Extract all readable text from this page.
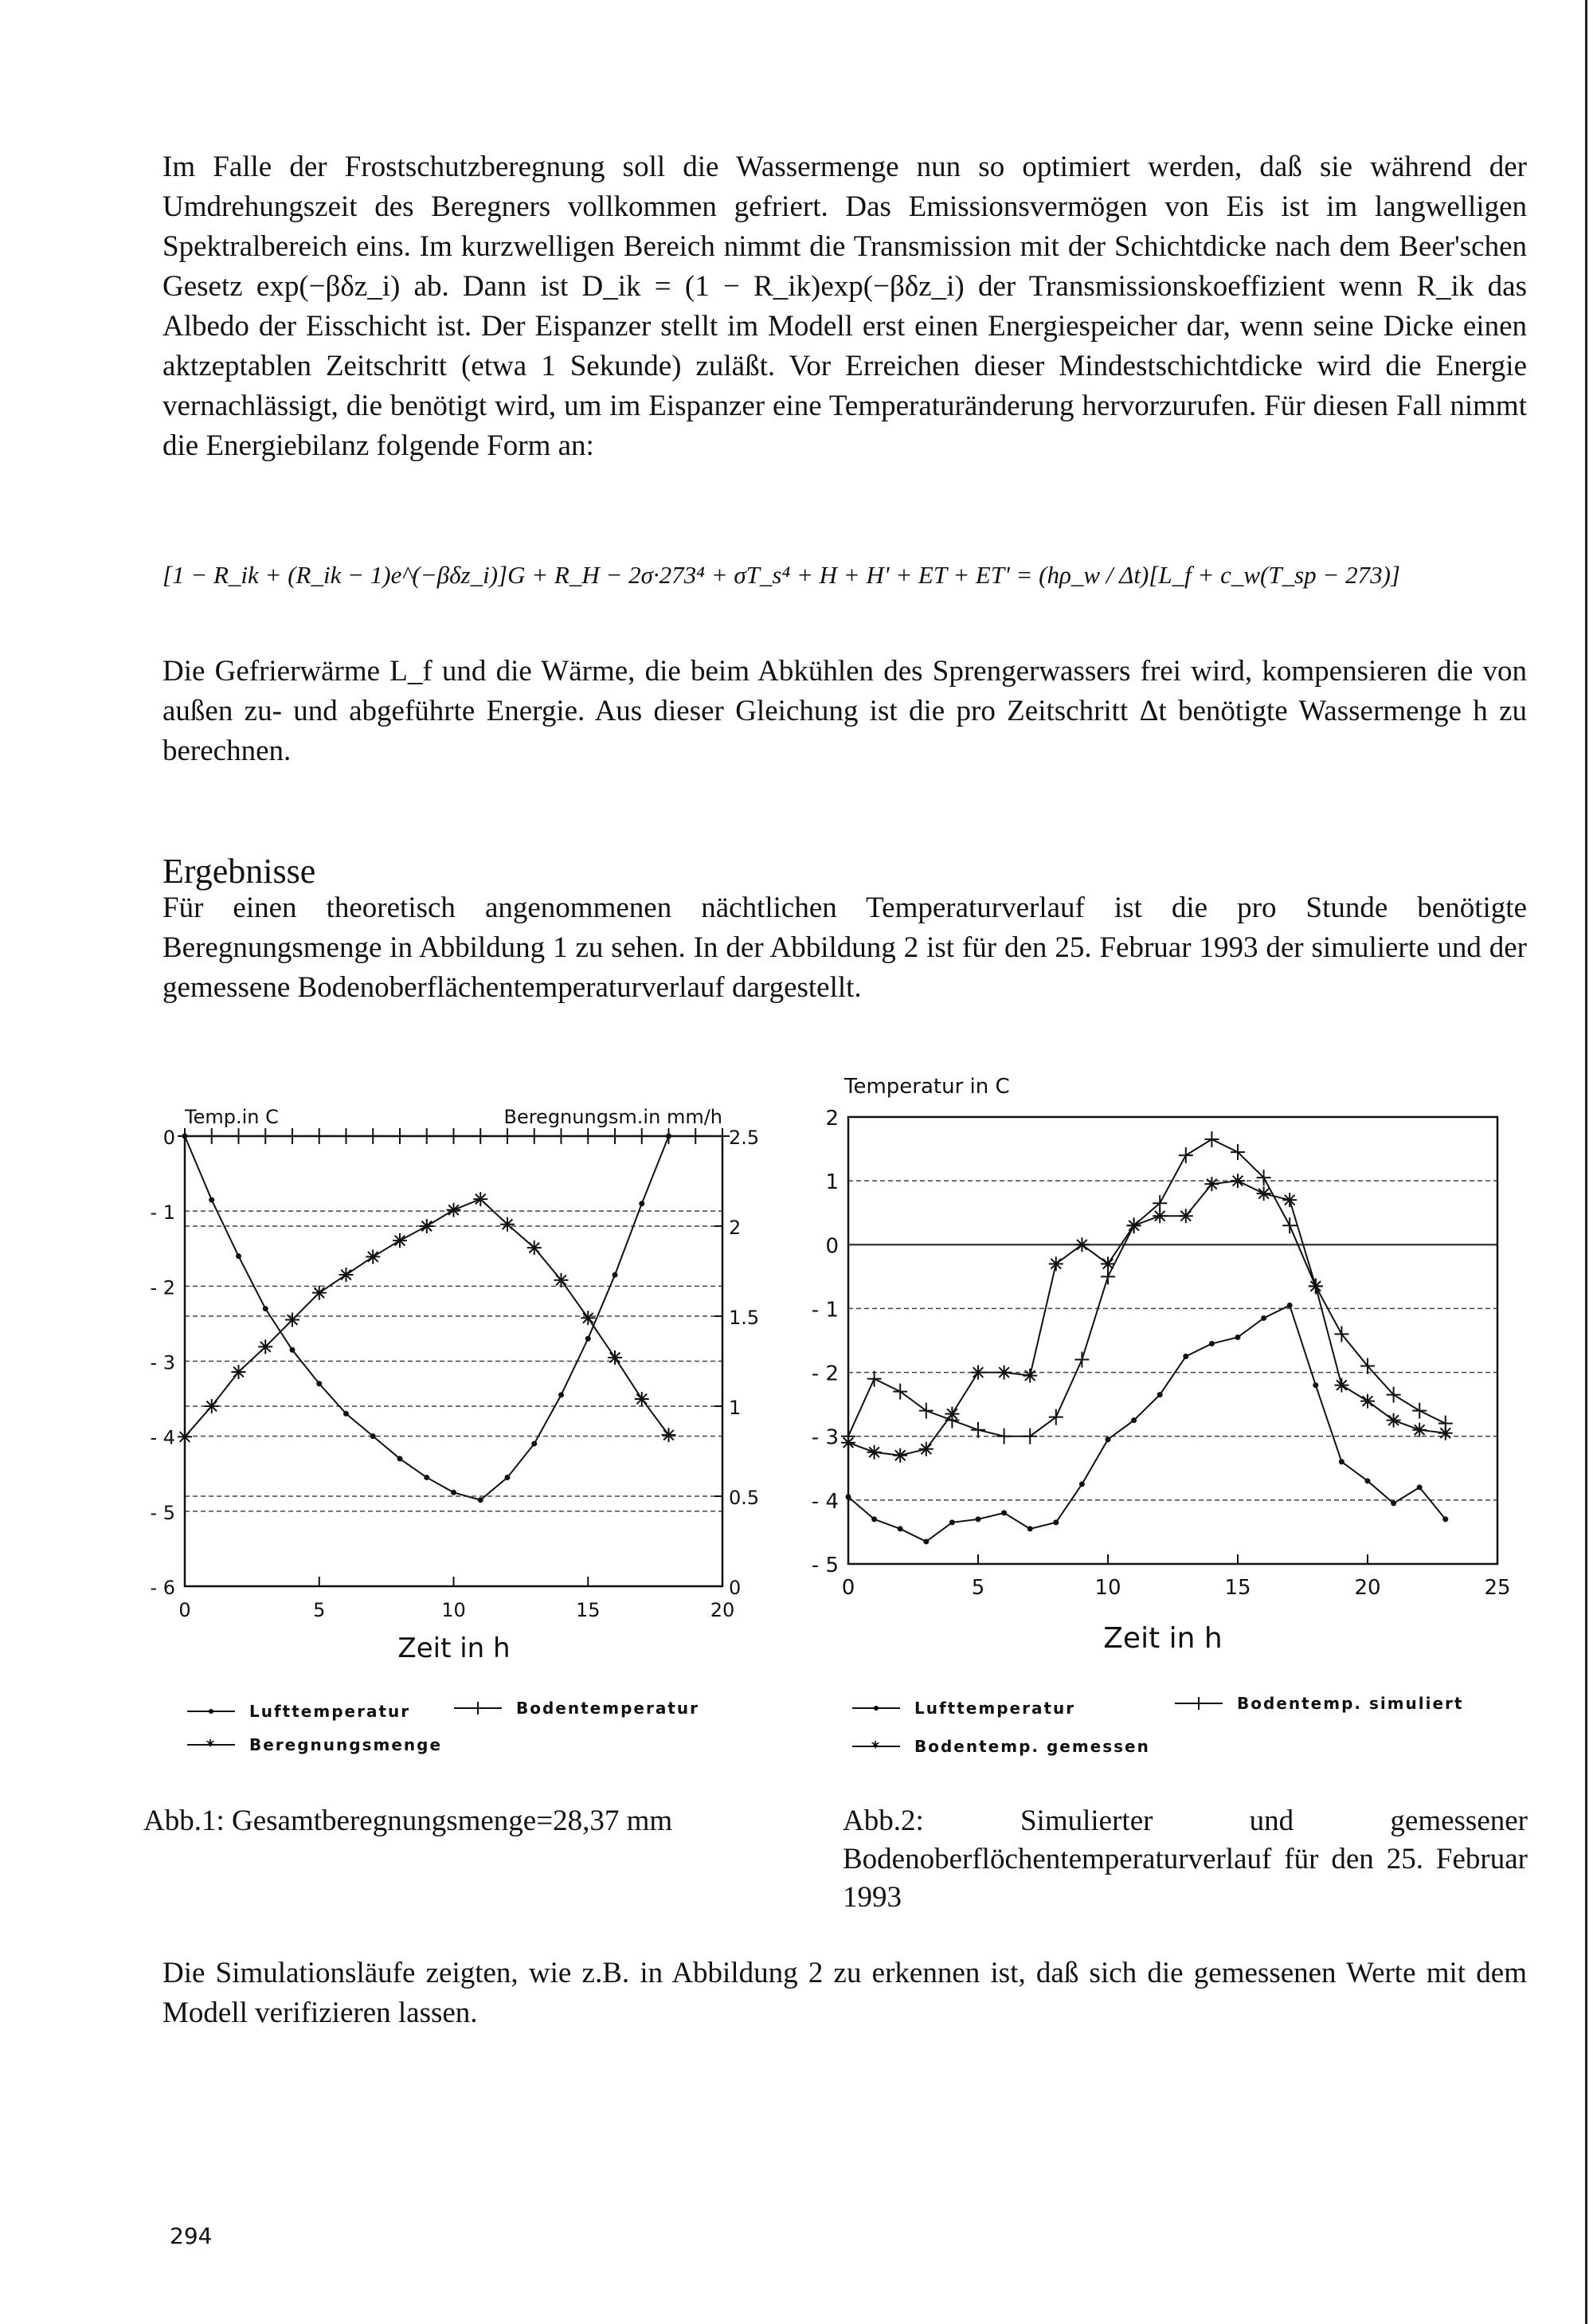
Im Falle der Frostschutzberegnung soll die Wassermenge nun so optimiert werden, daß sie während der Umdrehungszeit des Beregners vollkommen gefriert. Das Emissionsvermögen von Eis ist im langwelligen Spektralbereich eins. Im kurzwelligen Bereich nimmt die Transmission mit der Schichtdicke nach dem Beer'schen Gesetz exp(−βδz_i) ab. Dann ist D_ik = (1 − R_ik)exp(−βδz_i) der Transmissionskoeffizient wenn R_ik das Albedo der Eisschicht ist. Der Eispanzer stellt im Modell erst einen Energiespeicher dar, wenn seine Dicke einen aktzeptablen Zeitschritt (etwa 1 Sekunde) zuläßt. Vor Erreichen dieser Mindestschichtdicke wird die Energie vernachlässigt, die benötigt wird, um im Eispanzer eine Temperaturänderung hervorzurufen. Für diesen Fall nimmt die Energiebilanz folgende Form an:
[1 − R_ik + (R_ik − 1)e^(−βδz_i)]G + R_H − 2σ·273⁴ + σT_s⁴ + H + H' + ET + ET' = (hρ_w / Δt)[L_f + c_w(T_sp − 273)]
Die Gefrierwärme L_f und die Wärme, die beim Abkühlen des Sprengerwassers frei wird, kompensieren die von außen zu- und abgeführte Energie. Aus dieser Gleichung ist die pro Zeitschritt Δt benötigte Wassermenge h zu berechnen.
Ergebnisse
Für einen theoretisch angenommenen nächtlichen Temperaturverlauf ist die pro Stunde benötigte Beregnungsmenge in Abbildung 1 zu sehen. In der Abbildung 2 ist für den 25. Februar 1993 der simulierte und der gemessene Bodenoberflächentemperaturverlauf dargestellt.
Temp.in C	Beregnungsm.in mm/h
Zeit in h
0
- 1
- 2
- 3
- 4
- 5
- 6
2.5
2
1.5
1
0.5
0
0	5	10	15	20
Lufttemperatur	Bodentemperatur
* Beregnungsmenge
Temperatur in C
Zeit in h
2
1
0
- 1
- 2
- 3
- 4
- 5
0	5	10	15	20	25
Lufttemperatur	Bodentemp. simuliert
* Bodentemp. gemessen
Abb.1: Gesamtberegnungsmenge=28,37 mm	Abb.2: Simulierter und gemessener Bodenoberflöchentemperaturverlauf für den 25. Februar 1993
Die Simulationsläufe zeigten, wie z.B. in Abbildung 2 zu erkennen ist, daß sich die gemessenen Werte mit dem Modell verifizieren lassen.
294
